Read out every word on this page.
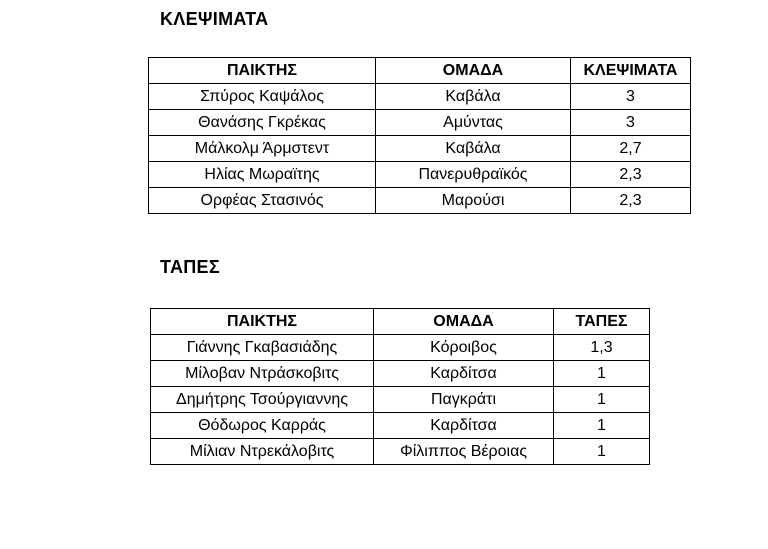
ΚΛΕΨΙΜΑΤΑ
ΠΑΙΚΤΗΣ	ΟΜΑΔΑ	ΚΛΕΨΙΜΑΤΑ
Σπύρος Καψάλος	Καβάλα	3
Θανάσης Γκρέκας	Αμύντας	3
Μάλκολμ Άρμστεντ	Καβάλα	2,7
Ηλίας Μωραϊτης	Πανερυθραϊκός	2,3
Ορφέας Στασινός	Μαρούσι	2,3
ΤΑΠΕΣ
ΠΑΙΚΤΗΣ	ΟΜΑΔΑ	ΤΑΠΕΣ
Γιάννης Γκαβασιάδης	Κόροιβος	1,3
Μίλοβαν Ντράσκοβιτς	Καρδίτσα	1
Δημήτρης Τσούργιαννης	Παγκράτι	1
Θόδωρος Καρράς	Καρδίτσα	1
Μίλιαν Ντρεκάλοβιτς	Φίλιππος Βέροιας	1
